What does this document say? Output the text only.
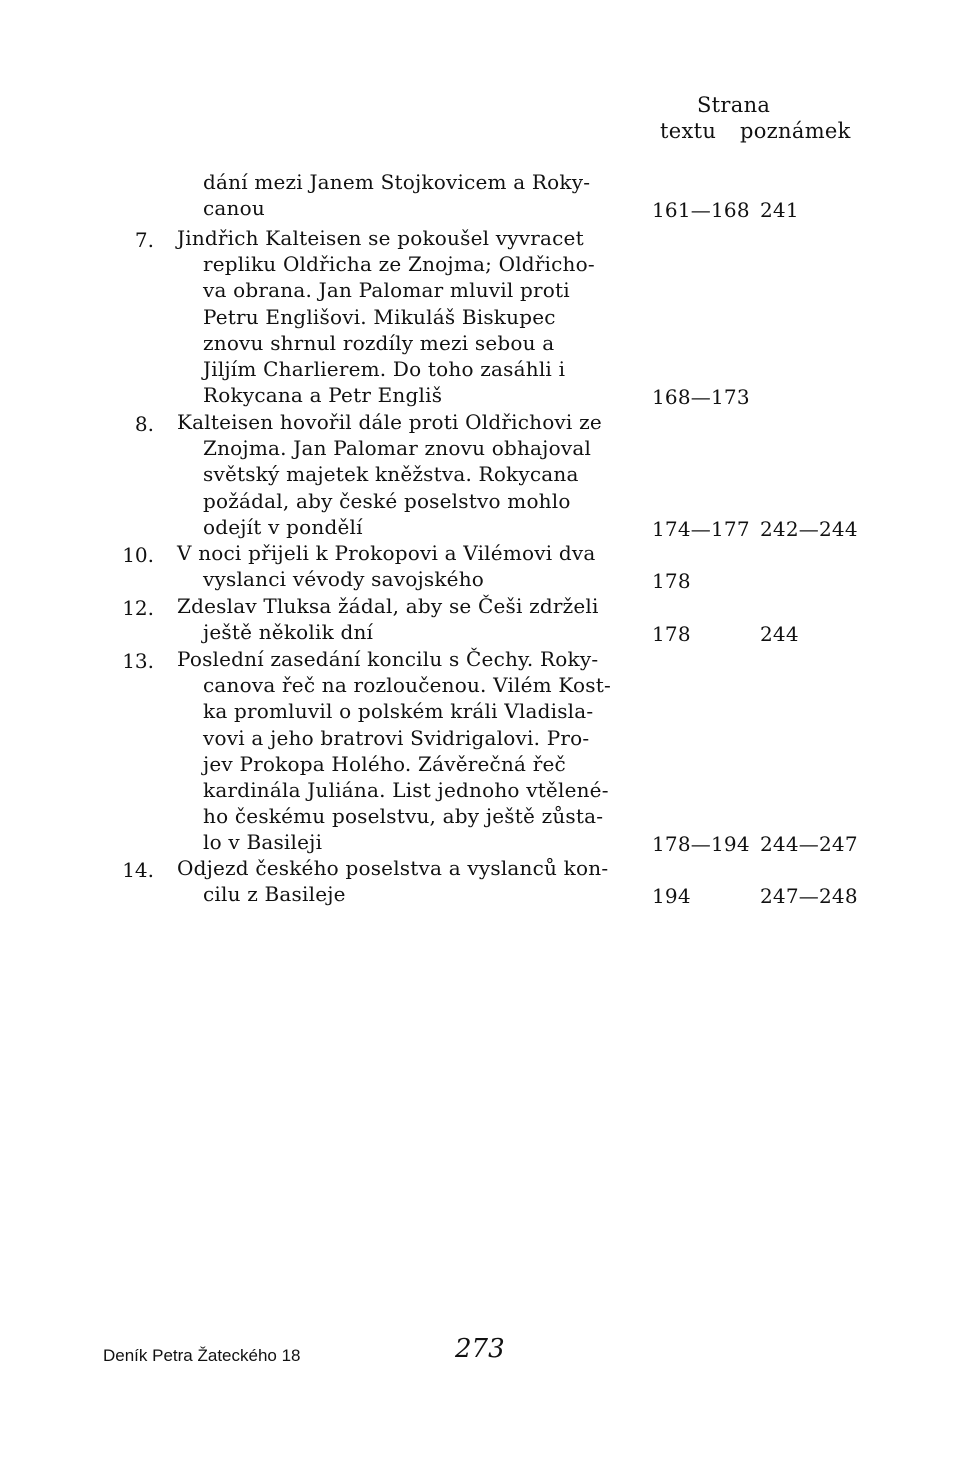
Strana
textu poznámek
dání mezi Janem Stojkovicem a Roky-
canou	161—168 241
7. Jindřich Kalteisen se pokoušel vyvracet
repliku Oldřicha ze Znojma; Oldřicho-
va obrana. Jan Palomar mluvil proti
Petru Englišovi. Mikuláš Biskupec
znovu shrnul rozdíly mezi sebou a
Jiljím Charlierem. Do toho zasáhli i
Rokycana a Petr Engliš	168—173
8. Kalteisen hovořil dále proti Oldřichovi ze
Znojma. Jan Palomar znovu obhajoval
světský majetek kněžstva. Rokycana
požádal, aby české poselstvo mohlo
odejít v pondělí	174—177 242—244
10. V noci přijeli k Prokopovi a Vilémovi dva
vyslanci vévody savojského	178
12. Zdeslav Tluksa žádal, aby se Češi zdrželi
ještě několik dní	178	244
13. Poslední zasedání koncilu s Čechy. Roky-
canova řeč na rozloučenou. Vilém Kost-
ka promluvil o polském králi Vladisla-
vovi a jeho bratrovi Svidrigalovi. Pro-
jev Prokopa Holého. Závěrečná řeč
kardinála Juliána. List jednoho vtělené-
ho českému poselstvu, aby ještě zůsta-
lo v Basileji	178—194 244—247
14. Odjezd českého poselstva a vyslanců kon-
cilu z Basileje	194	247—248
Deník Petra Žateckého 18	273
